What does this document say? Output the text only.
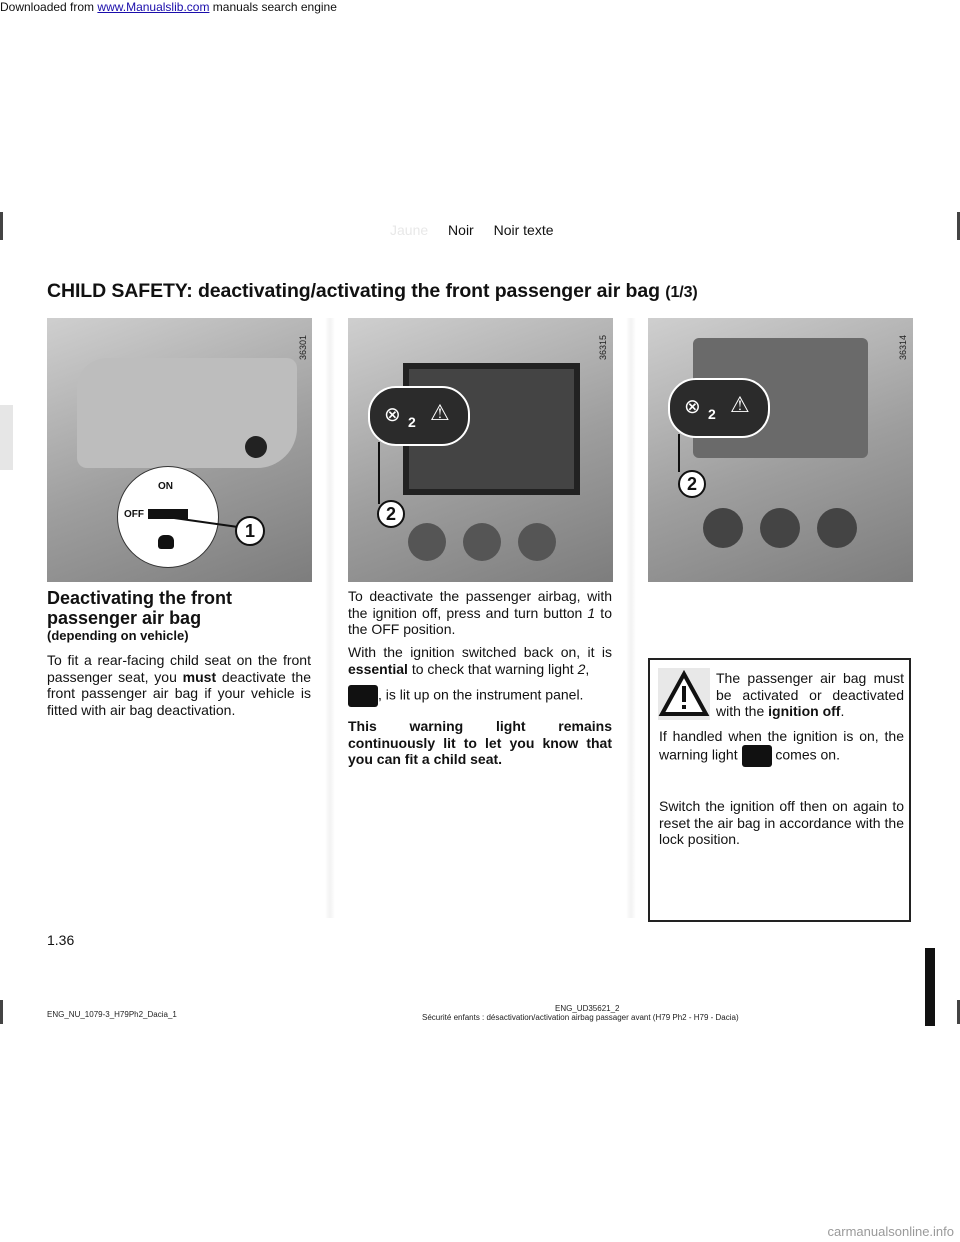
Downloaded from www.Manualslib.com manuals search engine
Jaune Noir Noir texte
CHILD SAFETY: deactivating/activating the front passenger air bag (1/3)
ON
OFF
1
36301
⊗ 2 ⚠
2
36315
⊗ 2 ⚠
2
36314
Deactivating the front passenger air bag
(depending on vehicle)
To fit a rear-facing child seat on the front passenger seat, you must deactivate the front passenger air bag if your vehicle is fitted with air bag deactivation.
To deactivate the passenger airbag, with the ignition off, press and turn button 1 to the OFF position.
With the ignition switched back on, it is essential to check that warning light 2,
, is lit up on the instrument panel.
This warning light remains continuously lit to let you know that you can fit a child seat.
The passenger air bag must be activated or deactivated with the ignition off.
If handled when the ignition is on, the warning light	comes on.
Switch the ignition off then on again to reset the air bag in accordance with the lock position.
1.36
ENG_NU_1079-3_H79Ph2_Dacia_1
ENG_UD35621_2
Sécurité enfants : désactivation/activation airbag passager avant (H79 Ph2 - H79 - Dacia)
carmanualsonline.info
